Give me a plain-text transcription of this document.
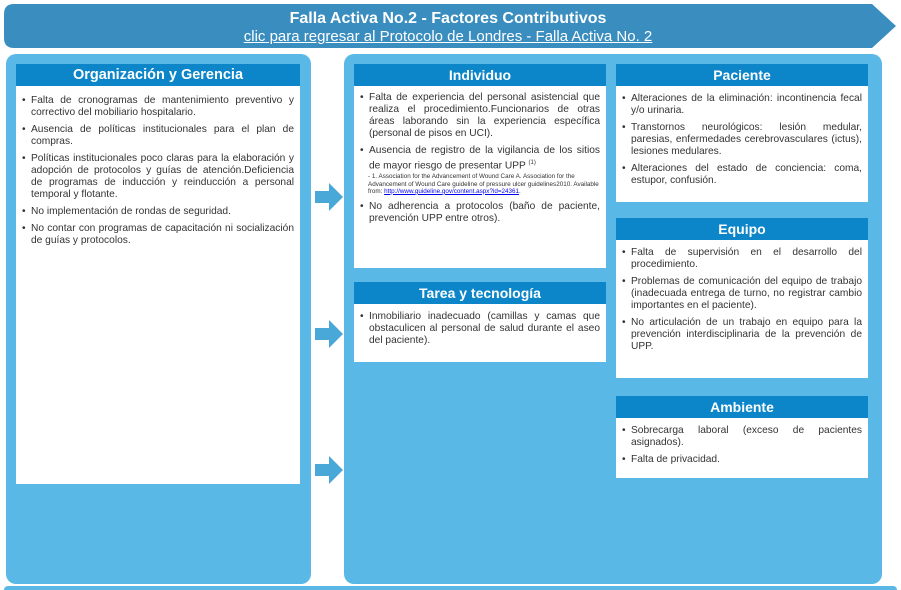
Falla Activa No.2 - Factores Contributivos
clic para regresar al Protocolo de Londres - Falla Activa No. 2
Organización y Gerencia
• Falta de cronogramas de mantenimiento preventivo y correctivo del mobiliario hospitalario.
• Ausencia de políticas institucionales para el plan de compras.
• Políticas institucionales poco claras para la elaboración y adopción de protocolos y guías de atención.Deficiencia de programas de inducción y reinducción a personal temporal y flotante.
• No implementación de rondas de seguridad.
• No contar con programas de capacitación ni socialización de guías y protocolos.
Individuo
• Falta de experiencia del personal asistencial que realiza el procedimiento.Funcionarios de otras áreas laborando sin la experiencia específica (personal de pisos en UCI).
• Ausencia de registro de la vigilancia de los sitios de mayor riesgo de presentar UPP $^{(1)}$
- 1. Association for the Advancement of Wound Care A. Association for the Advancement of Wound Care guideline of pressure ulcer guidelines2010. Available from: http://www.guideline.gov/content.aspx?id=24361.
• No adherencia a protocolos (baño de paciente, prevención UPP entre otros).
Tarea y tecnología
• Inmobiliario inadecuado (camillas y camas que obstaculicen al personal de salud durante el aseo del paciente).
Paciente
• Alteraciones de la eliminación: incontinencia fecal y/o urinaria.
• Transtornos neurológicos: lesión medular, paresias, enfermedades cerebrovasculares (ictus), lesiones medulares.
• Alteraciones del estado de conciencia: coma, estupor, confusión.
Equipo
• Falta de supervisión en el desarrollo del procedimiento.
• Problemas de comunicación del equipo de trabajo (inadecuada entrega de turno, no registrar cambio importantes en el paciente).
• No articulación de un trabajo en equipo para la prevención interdisciplinaria de la prevención de UPP.
Ambiente
• Sobrecarga laboral (exceso de pacientes asignados).
• Falta de privacidad.
